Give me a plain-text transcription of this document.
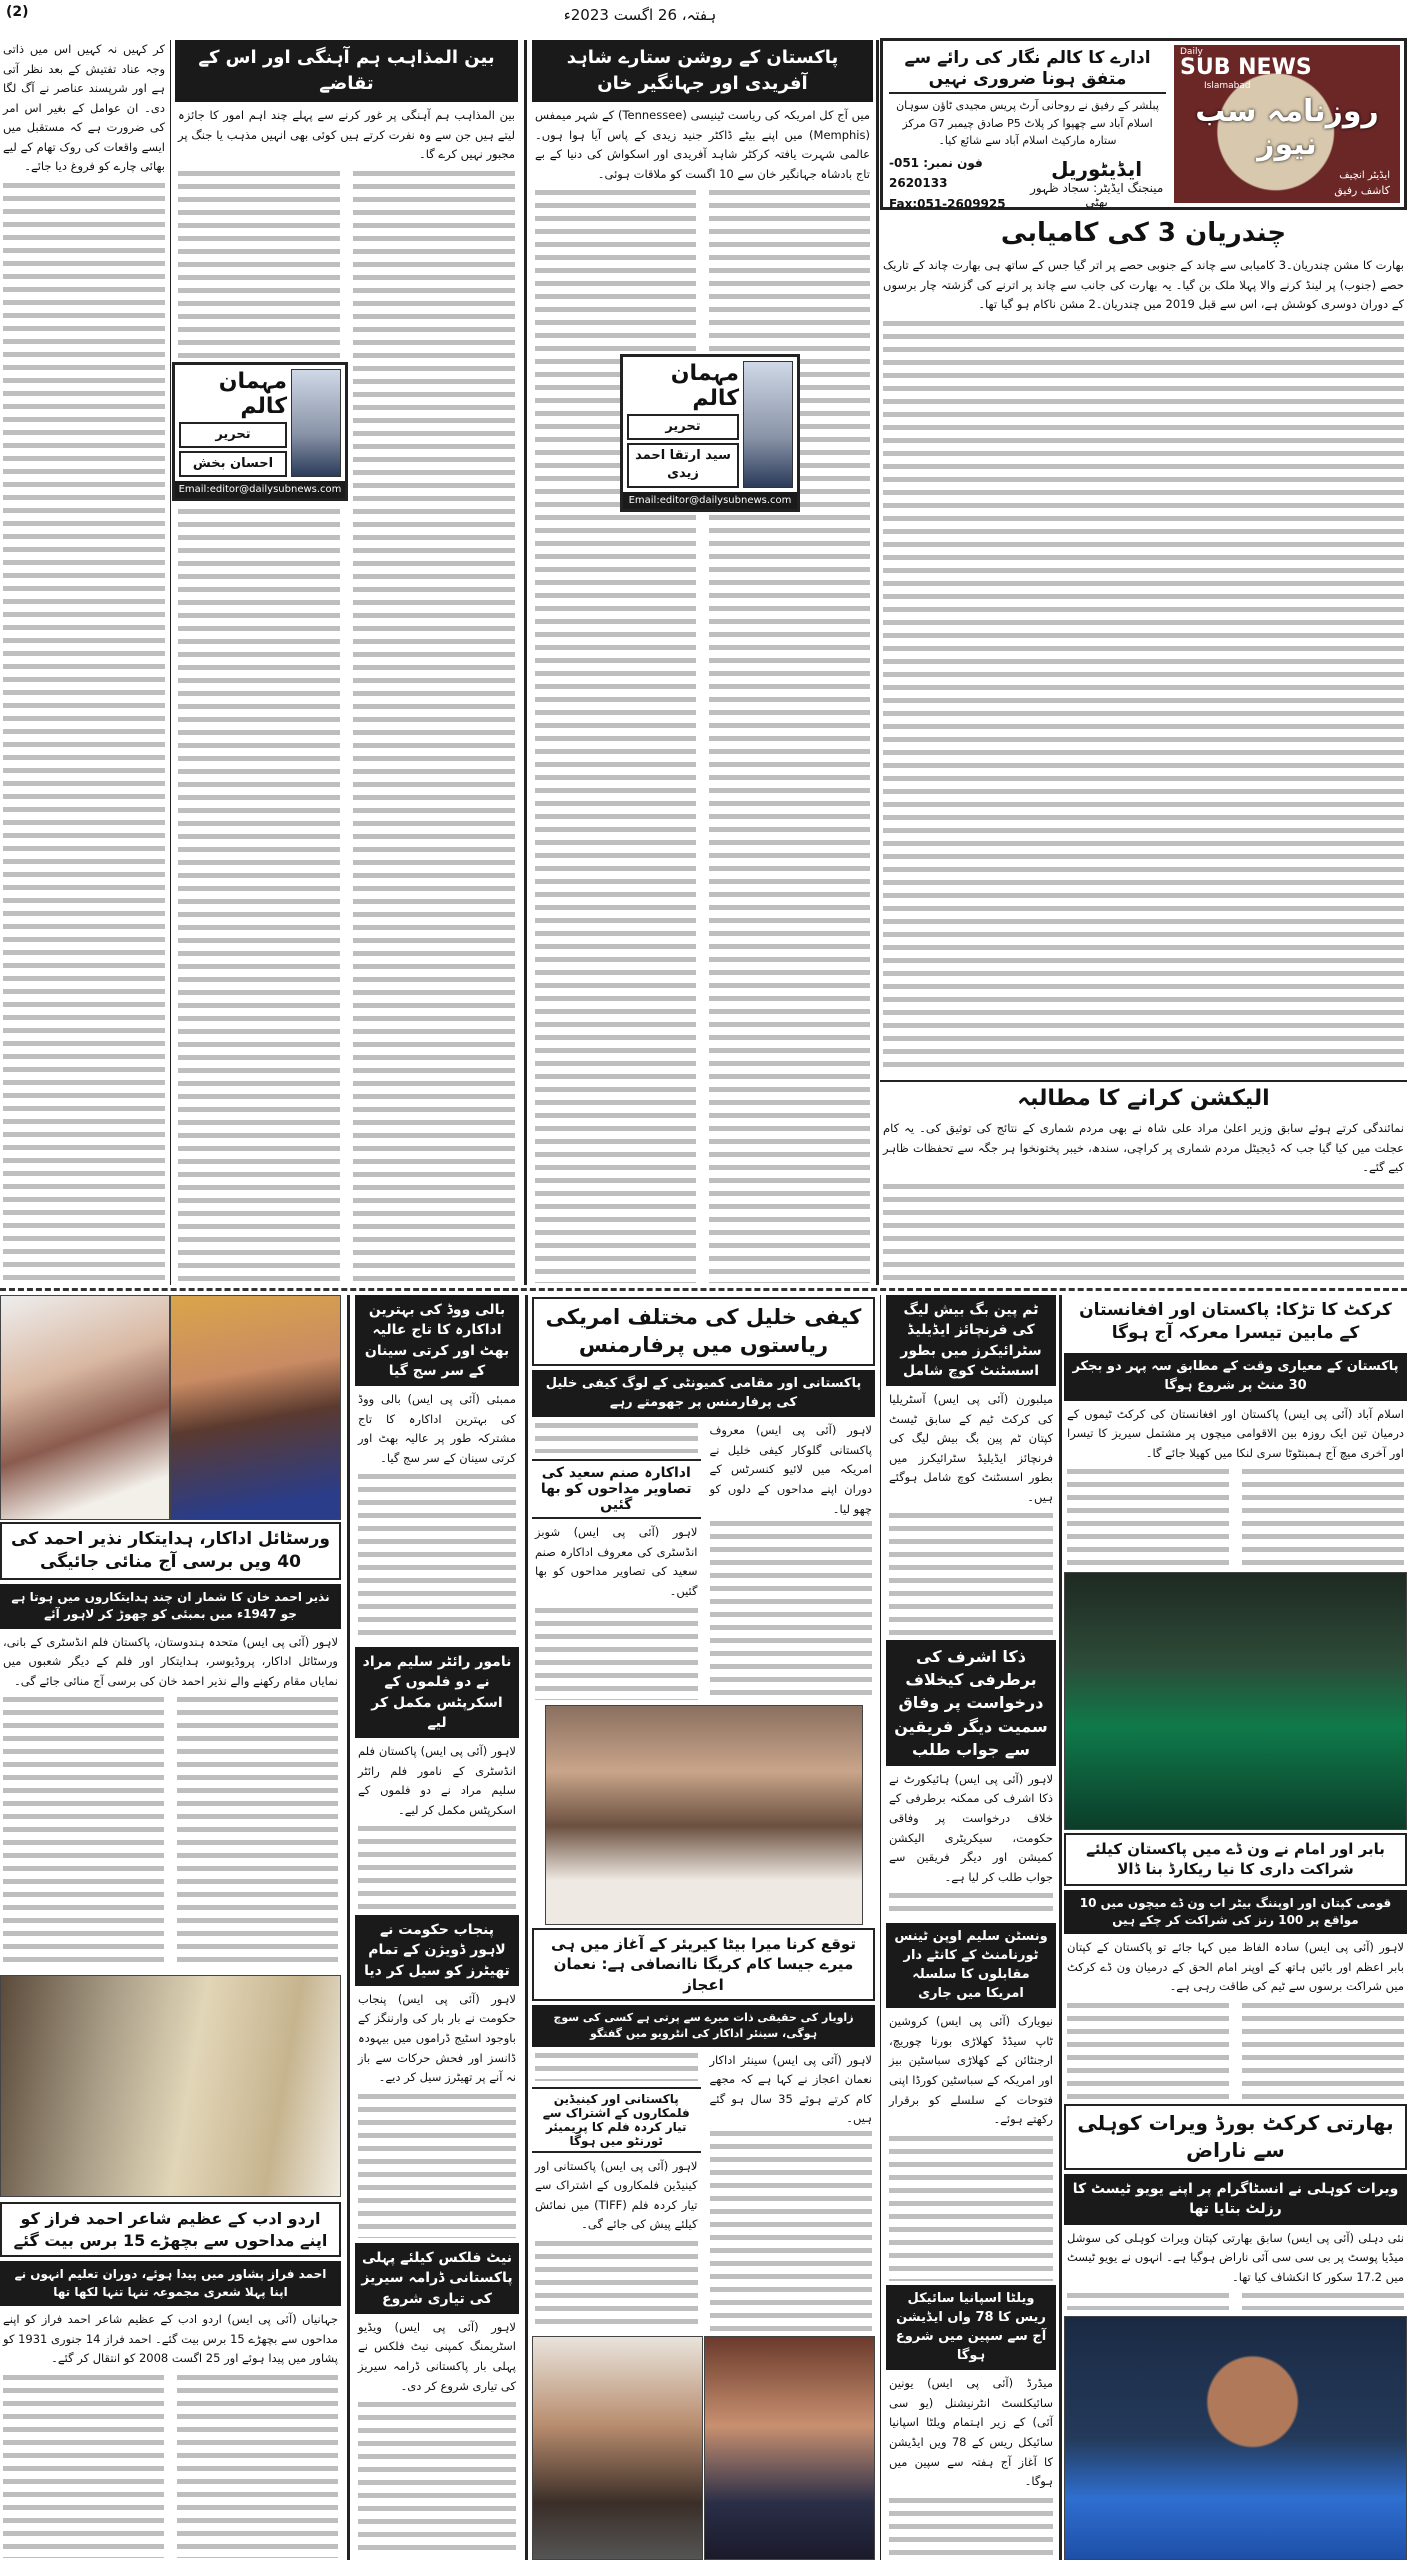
(2)	ہفتہ، 26 اگست 2023ء
Daily
SUB NEWS
Islamabad
روزنامہ سب نیوز
ایڈیٹر انچیف
کاشف رفیق
ادارے کا کالم نگار کی رائے سے متفق ہونا ضروری نہیں
پبلشر کے رفیق نے روحانی آرٹ پریس مجیدی ٹاؤن سوہان اسلام آباد سے چھپوا کر پلاٹ P5 صادق چیمبر G7 مرکز ستارہ مارکیٹ اسلام آباد سے شائع کیا۔
ایڈیٹوریل
مینجنگ ایڈیٹر: سجاد ظہور بھٹی
فون نمبر: 051-2620133
Fax:051-2609925
چندریان 3 کی کامیابی

بھارت کا مشن چندریان۔3 کامیابی سے چاند کے جنوبی حصے پر اتر گیا جس کے ساتھ ہی بھارت چاند کے تاریک حصے (جنوب) پر لینڈ کرنے والا پہلا ملک بن گیا۔ یہ بھارت کی جانب سے چاند پر اترنے کی گزشتہ چار برسوں کے دوران دوسری کوشش ہے، اس سے قبل 2019 میں چندریان۔2 مشن ناکام ہو گیا تھا۔

الیکشن کرانے کا مطالبہ

نمائندگی کرتے ہوئے سابق وزیر اعلیٰ مراد علی شاہ نے بھی مردم شماری کے نتائج کی توثیق کی۔ یہ کام عجلت میں کیا گیا جب کہ ڈیجیٹل مردم شماری پر کراچی، سندھ، خیبر پختونخوا ہر جگہ سے تحفظات ظاہر کیے گئے۔

پاکستان کے روشن ستارے شاہد آفریدی اور جہانگیر خان

میں آج کل امریکہ کی ریاست ٹینیسی (Tennessee) کے شہر میمفس (Memphis) میں اپنے بیٹے ڈاکٹر جنید زیدی کے پاس آیا ہوا ہوں۔ عالمی شہرت یافتہ کرکٹر شاہد آفریدی اور اسکواش کی دنیا کے بے تاج بادشاہ جہانگیر خان سے 10 اگست کو ملاقات ہوئی۔

مہمان کالم
تحریر
سید ارتقا احمد زیدی
Email:editor@dailysubnews.com
بین المذاہب ہم آہنگی اور اس کے تقاضے

بین المذاہب ہم آہنگی پر غور کرنے سے پہلے چند اہم امور کا جائزہ لیتے ہیں جن سے وہ نفرت کرتے ہیں کوئی بھی انہیں مذہب یا جنگ پر مجبور نہیں کرے گا۔

مہمان کالم
تحریر
احسان بخش
Email:editor@dailysubnews.com

کر کہیں نہ کہیں اس میں ذاتی وجہ عناد تفتیش کے بعد نظر آتی ہے اور شرپسند عناصر نے آگ لگا دی۔ ان عوامل کے بغیر اس امر کی ضرورت ہے کہ مستقبل میں ایسے واقعات کی روک تھام کے لیے بھائی چارے کو فروغ دیا جائے۔

ورسٹائل اداکار، ہدایتکار نذیر احمد کی 40 ویں برسی آج منائی جائیگی
نذیر احمد خان کا شمار ان چند ہدایتکاروں میں ہوتا ہے جو 1947ء میں بمبئی کو چھوڑ کر لاہور آئے

لاہور (آئی پی ایس) متحدہ ہندوستان، پاکستان فلم انڈسٹری کے بانی، ورسٹائل اداکار، پروڈیوسر، ہدایتکار اور فلم کے دیگر شعبوں میں نمایاں مقام رکھنے والے نذیر احمد خان کی برسی آج منائی جائے گی۔

اردو ادب کے عظیم شاعر احمد فراز کو اپنے مداحوں سے بچھڑے 15 برس بیت گئے
احمد فراز پشاور میں پیدا ہوئے، دوران تعلیم انہوں نے اپنا پہلا شعری مجموعہ تنہا تنہا لکھا تھا

جہانیاں (آئی پی ایس) اردو ادب کے عظیم شاعر احمد فراز کو اپنے مداحوں سے بچھڑے 15 برس بیت گئے۔ احمد فراز 14 جنوری 1931 کو پشاور میں پیدا ہوئے اور 25 اگست 2008 کو انتقال کر گئے۔

بالی ووڈ کی بہترین اداکارہ کا تاج عالیہ بھٹ اور کرتی سینان کے سر سج گیا

ممبئی (آئی پی ایس) بالی ووڈ کی بہترین اداکارہ کا تاج مشترکہ طور پر عالیہ بھٹ اور کرتی سینان کے سر سج گیا۔

نامور رائٹر سلیم مراد نے دو فلموں کے اسکرپٹس مکمل کر لیے

لاہور (آئی پی ایس) پاکستان فلم انڈسٹری کے نامور فلم رائٹر سلیم مراد نے دو فلموں کے اسکرپٹس مکمل کر لیے۔

پنجاب حکومت نے لاہور ڈویژن کے تمام تھیٹرز کو سیل کر دیا

لاہور (آئی پی ایس) پنجاب حکومت نے بار بار کی وارننگز کے باوجود اسٹیج ڈراموں میں بیہودہ ڈانسز اور فحش حرکات سے باز نہ آنے پر تھیٹرز سیل کر دیے۔

نیٹ فلکس کیلئے پہلی پاکستانی ڈرامہ سیریز کی تیاری شروع

لاہور (آئی پی ایس) ویڈیو اسٹریمنگ کمپنی نیٹ فلکس نے پہلی بار پاکستانی ڈرامہ سیریز کی تیاری شروع کر دی۔

کیفی خلیل کی مختلف امریکی ریاستوں میں پرفارمنس
پاکستانی اور مقامی کمیونٹی کے لوگ کیفی خلیل کی پرفارمنس پر جھومتے رہے

لاہور (آئی پی ایس) معروف پاکستانی گلوکار کیفی خلیل نے امریکہ میں لائیو کنسرٹس کے دوران اپنے مداحوں کے دلوں کو چھو لیا۔

اداکارہ صنم سعید کی تصاویر مداحوں کو بھا گئیں

لاہور (آئی پی ایس) شوبز انڈسٹری کی معروف اداکارہ صنم سعید کی تصاویر مداحوں کو بھا گئیں۔

توقع کرنا میرا بیٹا کیریئر کے آغاز میں ہی میرے جیسا کام کریگا ناانصافی ہے: نعمان اعجاز
زاویار کی حقیقی ذات میرے سے پرتی ہے کسی کی سوچ ہوگی، سینئر اداکار کی انٹرویو میں گفتگو

لاہور (آئی پی ایس) سینئر اداکار نعمان اعجاز نے کہا ہے کہ مجھے کام کرتے ہوئے 35 سال ہو گئے ہیں۔

پاکستانی اور کینیڈین فلمکاروں کے اشتراک سے تیار کردہ فلم کا پریمیئر ٹورنٹو میں ہوگا

لاہور (آئی پی ایس) پاکستانی اور کینیڈین فلمکاروں کے اشتراک سے تیار کردہ فلم (TIFF) میں نمائش کیلئے پیش کی جائے گی۔

ٹم پین بگ بیش لیگ کی فرنچائز ایڈیلیڈ سٹرائیکرز میں بطور اسسٹنٹ کوچ شامل

میلبورن (آئی پی ایس) آسٹریلیا کی کرکٹ ٹیم کے سابق ٹیسٹ کپتان ٹم پین بگ بیش لیگ کی فرنچائز ایڈیلیڈ سٹرائیکرز میں بطور اسسٹنٹ کوچ شامل ہوگئے ہیں۔

ذکا اشرف کی برطرفی کیخلاف درخواست پر وفاق سمیت دیگر فریقین سے جواب طلب

لاہور (آئی پی ایس) ہائیکورٹ نے ذکا اشرف کی ممکنہ برطرفی کے خلاف درخواست پر وفاقی حکومت، سیکریٹری الیکشن کمیشن اور دیگر فریقین سے جواب طلب کر لیا ہے۔

ونسٹن سلیم اوپن ٹینس ٹورنامنٹ کے کانٹے دار مقابلوں کا سلسلہ امریکا میں جاری

نیویارک (آئی پی ایس) کروشین ٹاپ سیڈڈ کھلاڑی بورنا چوریچ، ارجنٹائن کے کھلاڑی سباسٹین بیز اور امریکہ کے سباسٹین کورڈا اپنی فتوحات کے سلسلے کو برقرار رکھتے ہوئے۔

ویلٹا اسپانیا سائیکل ریس کا 78 واں ایڈیشن آج سے سپین میں شروع ہوگا

میڈرڈ (آئی پی ایس) یونین سائیکلسٹ انٹرنیشنل (یو سی آئی) کے زیر اہتمام ویلٹا اسپانیا سائیکل ریس کے 78 ویں ایڈیشن کا آغاز آج ہفتہ سے سپین میں ہوگا۔

کرکٹ کا تڑکا: پاکستان اور افغانستان کے مابین تیسرا معرکہ آج ہوگا
پاکستان کے معیاری وقت کے مطابق سہ پہر دو بجکر 30 منٹ پر شروع ہوگا

اسلام آباد (آئی پی ایس) پاکستان اور افغانستان کی کرکٹ ٹیموں کے درمیان تین ایک روزہ بین الاقوامی میچوں پر مشتمل سیریز کا تیسرا اور آخری میچ آج ہمبنٹوٹا سری لنکا میں کھیلا جائے گا۔

بابر اور امام نے ون ڈے میں پاکستان کیلئے شراکت داری کا نیا ریکارڈ بنا ڈالا
قومی کپتان اور اوپننگ بیٹر اب ون ڈے میچوں میں 10 مواقع پر 100 رنز کی شراکت کر چکے ہیں

لاہور (آئی پی ایس) سادہ الفاظ میں کہا جائے تو پاکستان کے کپتان بابر اعظم اور بائیں ہاتھ کے اوپنر امام الحق کے درمیان ون ڈے کرکٹ میں شراکت برسوں سے ٹیم کی طاقت رہی ہے۔

بھارتی کرکٹ بورڈ ویرات کوہلی سے ناراض
ویرات کوہلی نے انسٹاگرام پر اپنے یویو ٹیسٹ کا رزلٹ بتایا تھا

نئی دہلی (آئی پی ایس) سابق بھارتی کپتان ویرات کوہلی کی سوشل میڈیا پوسٹ پر بی سی سی آئی ناراض ہوگیا ہے۔ انہوں نے یویو ٹیسٹ میں 17.2 سکور کا انکشاف کیا تھا۔
